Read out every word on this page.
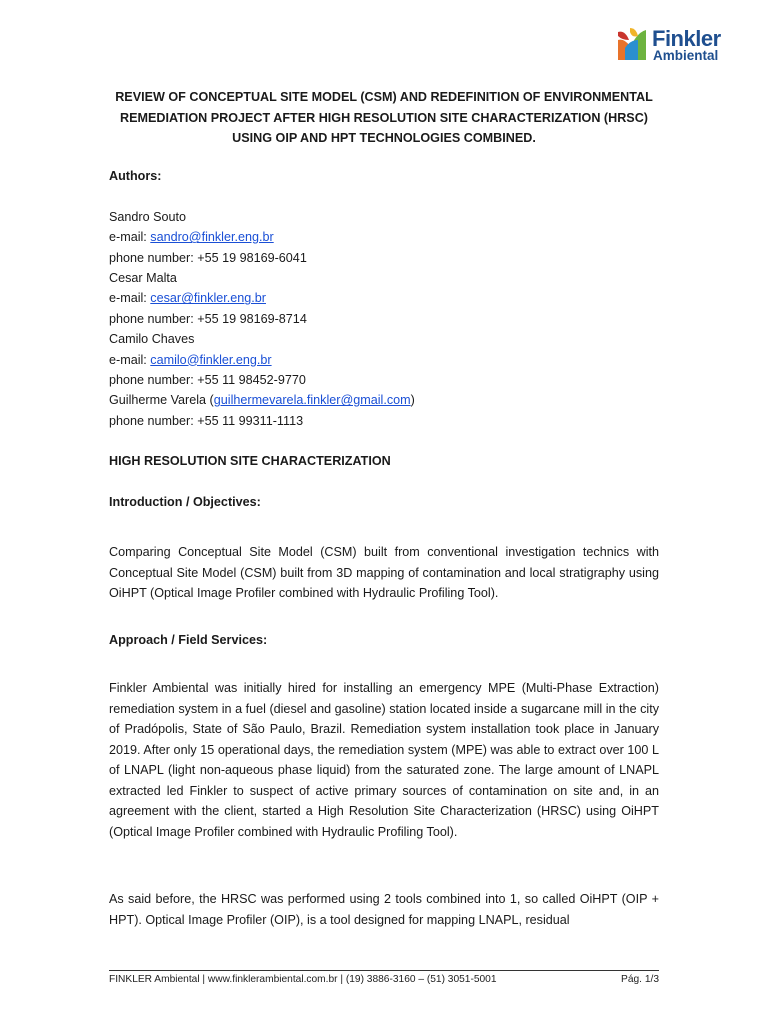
Finkler
Ambiental
REVIEW OF CONCEPTUAL SITE MODEL (CSM) AND REDEFINITION OF ENVIRONMENTAL REMEDIATION PROJECT AFTER HIGH RESOLUTION SITE CHARACTERIZATION (HRSC) USING OIP AND HPT TECHNOLOGIES COMBINED.
Authors:
Sandro Souto
e-mail: sandro@finkler.eng.br
phone number: +55 19 98169-6041
Cesar Malta
e-mail: cesar@finkler.eng.br
phone number: +55 19 98169-8714
Camilo Chaves
e-mail: camilo@finkler.eng.br
phone number: +55 11 98452-9770
Guilherme Varela (guilhermevarela.finkler@gmail.com)
phone number: +55 11 99311-1113
HIGH RESOLUTION SITE CHARACTERIZATION
Introduction / Objectives:

Comparing Conceptual Site Model (CSM) built from conventional investigation technics with Conceptual Site Model (CSM) built from 3D mapping of contamination and local stratigraphy using OiHPT (Optical Image Profiler combined with Hydraulic Profiling Tool).

Approach / Field Services:

Finkler Ambiental was initially hired for installing an emergency MPE (Multi-Phase Extraction) remediation system in a fuel (diesel and gasoline) station located inside a sugarcane mill in the city of Pradópolis, State of São Paulo, Brazil. Remediation system installation took place in January 2019. After only 15 operational days, the remediation system (MPE) was able to extract over 100 L of LNAPL (light non-aqueous phase liquid) from the saturated zone. The large amount of LNAPL extracted led Finkler to suspect of active primary sources of contamination on site and, in an agreement with the client, started a High Resolution Site Characterization (HRSC) using OiHPT (Optical Image Profiler combined with Hydraulic Profiling Tool).

As said before, the HRSC was performed using 2 tools combined into 1, so called OiHPT (OIP + HPT). Optical Image Profiler (OIP), is a tool designed for mapping LNAPL, residual

FINKLER Ambiental | www.finklerambiental.com.br | (19) 3886-3160 – (51) 3051-5001	Pág. 1/3
